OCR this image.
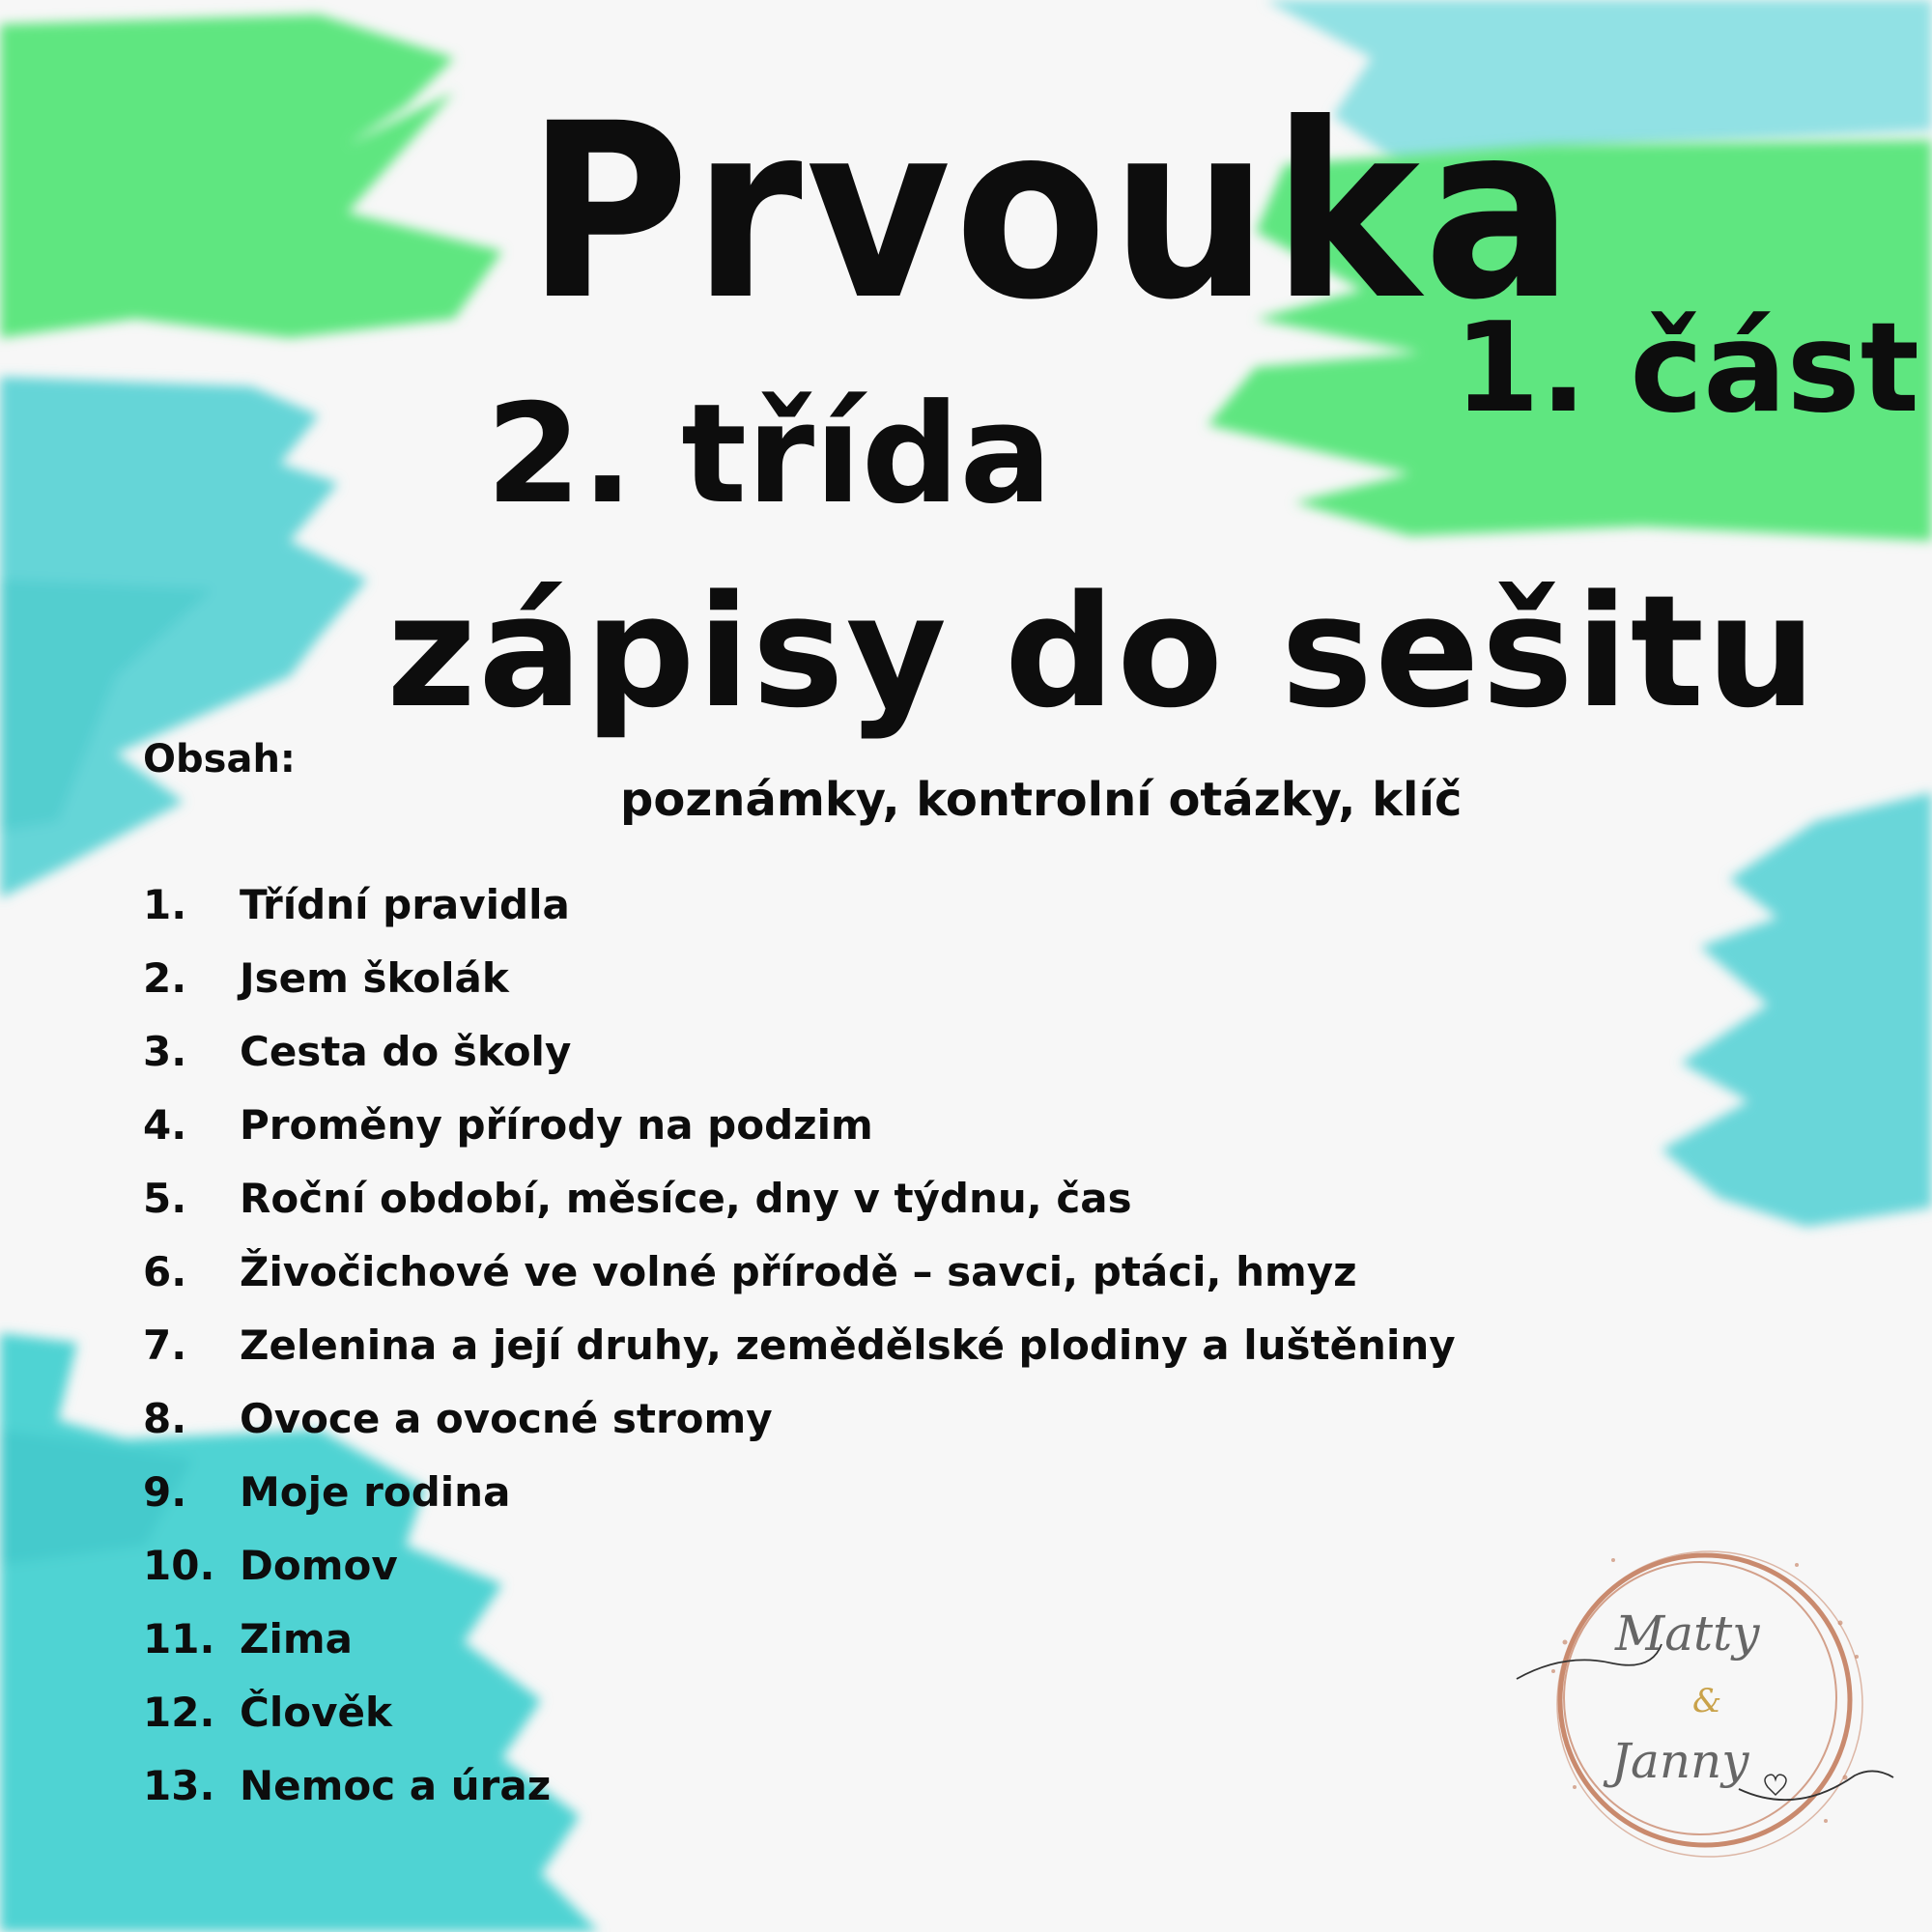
Prvouka
1. část
2. třída
zápisy do sešitu
Obsah:
poznámky, kontrolní otázky, klíč
1.	Třídní pravidla
2.	Jsem školák
3.	Cesta do školy
4.	Proměny přírody na podzim
5.	Roční období, měsíce, dny v týdnu, čas
6.	Živočichové ve volné přírodě – savci, ptáci, hmyz
7.	Zelenina a její druhy, zemědělské plodiny a luštěniny
8.	Ovoce a ovocné stromy
9.	Moje rodina
10. Domov
11. Zima
12. Člověk
13. Nemoc a úraz
Matty
&
Janny
